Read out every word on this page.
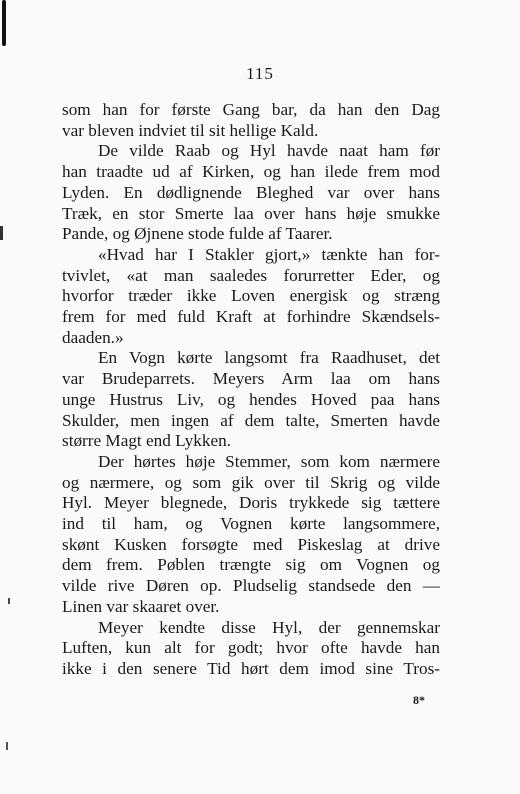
115
som han for første Gang bar, da han den Dag
var bleven indviet til sit hellige Kald.
De vilde Raab og Hyl havde naat ham før
han traadte ud af Kirken, og han ilede frem mod
Lyden. En dødlignende Bleghed var over hans
Træk, en stor Smerte laa over hans høje smukke
Pande, og Øjnene stode fulde af Taarer.
«Hvad har I Stakler gjort,» tænkte han for-
tvivlet, «at man saaledes forurretter Eder, og
hvorfor træder ikke Loven energisk og stræng
frem for med fuld Kraft at forhindre Skændsels-
daaden.»
En Vogn kørte langsomt fra Raadhuset, det
var Brudeparrets. Meyers Arm laa om hans
unge Hustrus Liv, og hendes Hoved paa hans
Skulder, men ingen af dem talte, Smerten havde
større Magt end Lykken.
Der hørtes høje Stemmer, som kom nærmere
og nærmere, og som gik over til Skrig og vilde
Hyl. Meyer blegnede, Doris trykkede sig tættere
ind til ham, og Vognen kørte langsommere,
skønt Kusken forsøgte med Piskeslag at drive
dem frem. Pøblen trængte sig om Vognen og
vilde rive Døren op. Pludselig standsede den —
Linen var skaaret over.
Meyer kendte disse Hyl, der gennemskar
Luften, kun alt for godt; hvor ofte havde han
ikke i den senere Tid hørt dem imod sine Tros-
8*
